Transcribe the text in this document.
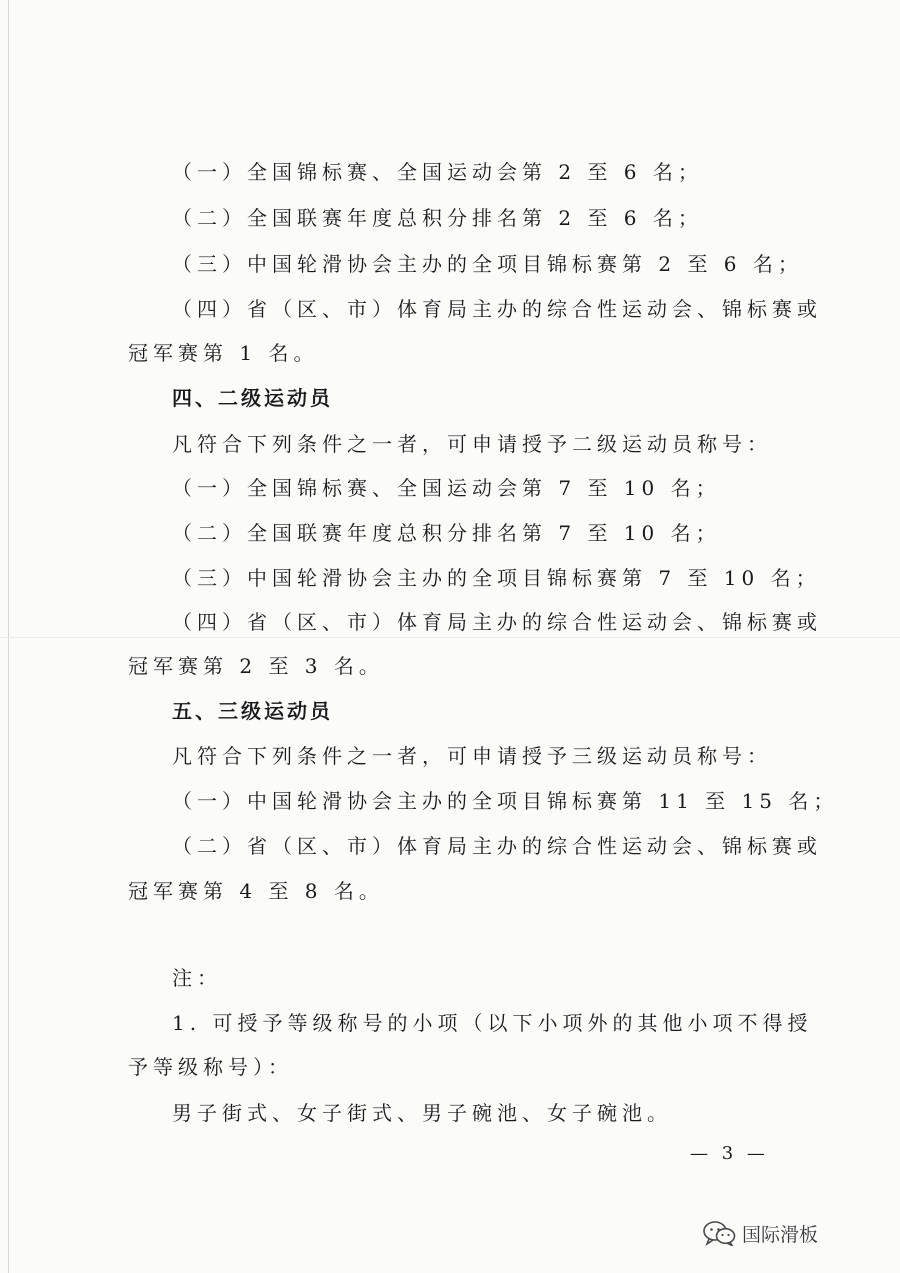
（一）全国锦标赛、全国运动会第 2 至 6 名；
（二）全国联赛年度总积分排名第 2 至 6 名；
（三）中国轮滑协会主办的全项目锦标赛第 2 至 6 名；
（四）省（区、市）体育局主办的综合性运动会、锦标赛或
冠军赛第 1 名。
四、二级运动员
凡符合下列条件之一者，可申请授予二级运动员称号：
（一）全国锦标赛、全国运动会第 7 至 10 名；
（二）全国联赛年度总积分排名第 7 至 10 名；
（三）中国轮滑协会主办的全项目锦标赛第 7 至 10 名；
（四）省（区、市）体育局主办的综合性运动会、锦标赛或
冠军赛第 2 至 3 名。
五、三级运动员
凡符合下列条件之一者，可申请授予三级运动员称号：
（一）中国轮滑协会主办的全项目锦标赛第 11 至 15 名；
（二）省（区、市）体育局主办的综合性运动会、锦标赛或
冠军赛第 4 至 8 名。
注：
1. 可授予等级称号的小项（以下小项外的其他小项不得授
予等级称号）：
男子街式、女子街式、男子碗池、女子碗池。
— 3 —
国际滑板
